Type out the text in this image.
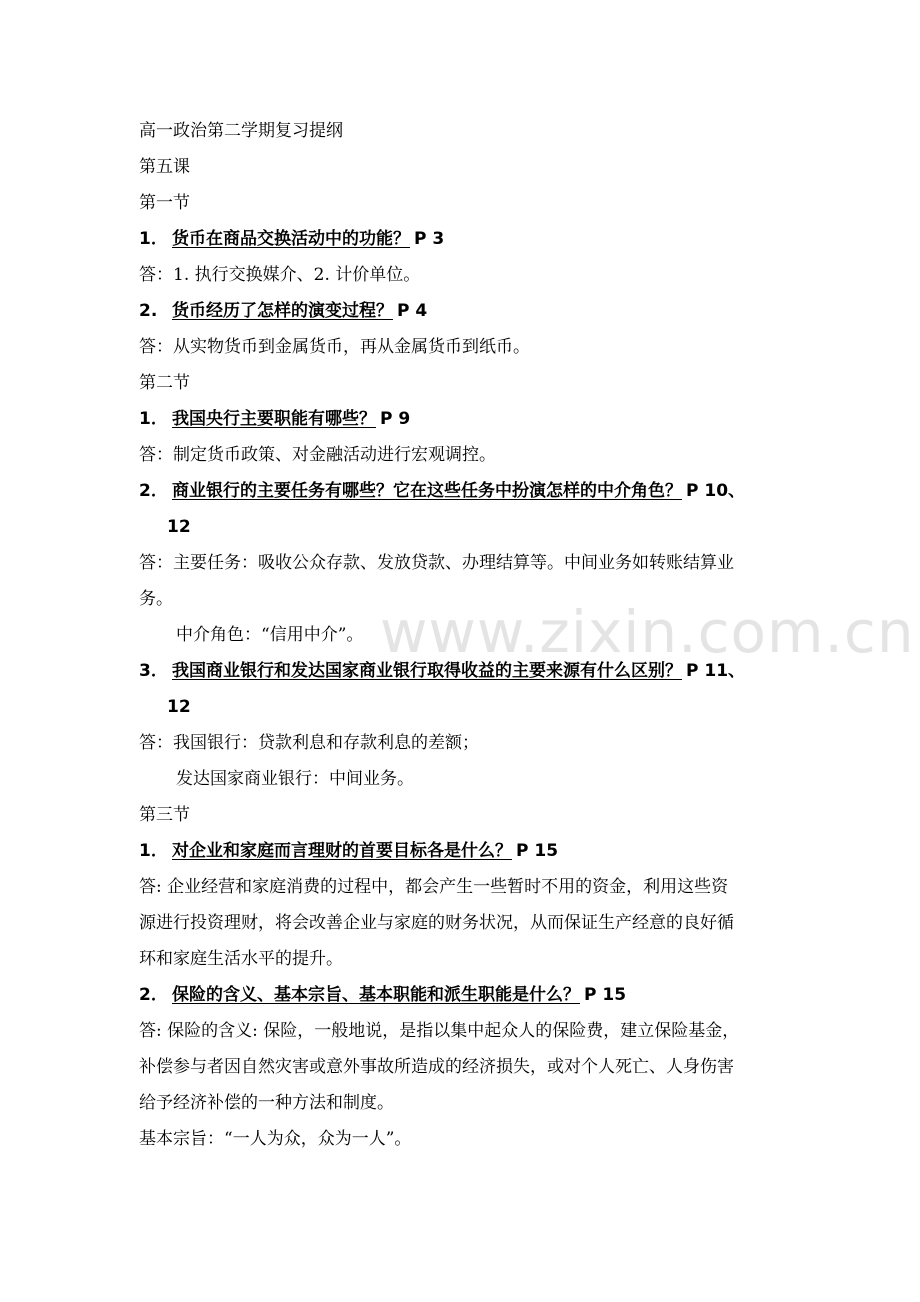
高一政治第二学期复习提纲
第五课
第一节
1． 货币在商品交换活动中的功能？ P 3
答：1. 执行交换媒介、2. 计价单位。
2. 货币经历了怎样的演变过程？ P 4
答：从实物货币到金属货币，再从金属货币到纸币。
第二节
1． 我国央行主要职能有哪些？ P 9
答：制定货币政策、对金融活动进行宏观调控。
2． 商业银行的主要任务有哪些？它在这些任务中扮演怎样的中介角色？ P 10、
12
答：主要任务：吸收公众存款、发放贷款、办理结算等。中间业务如转账结算业
务。
中介角色：“信用中介”。
3． 我国商业银行和发达国家商业银行取得收益的主要来源有什么区别？ P 11、
12
答：我国银行：贷款利息和存款利息的差额；
发达国家商业银行：中间业务。
第三节
1． 对企业和家庭而言理财的首要目标各是什么？ P 15
答: 企业经营和家庭消费的过程中，都会产生一些暂时不用的资金，利用这些资
源进行投资理财，将会改善企业与家庭的财务状况，从而保证生产经意的良好循
环和家庭生活水平的提升。
2． 保险的含义、基本宗旨、基本职能和派生职能是什么？ P 15
答: 保险的含义: 保险，一般地说，是指以集中起众人的保险费，建立保险基金，
补偿参与者因自然灾害或意外事故所造成的经济损失，或对个人死亡、人身伤害
给予经济补偿的一种方法和制度。
基本宗旨：“一人为众，众为一人”。
www.zixin.com.cn
